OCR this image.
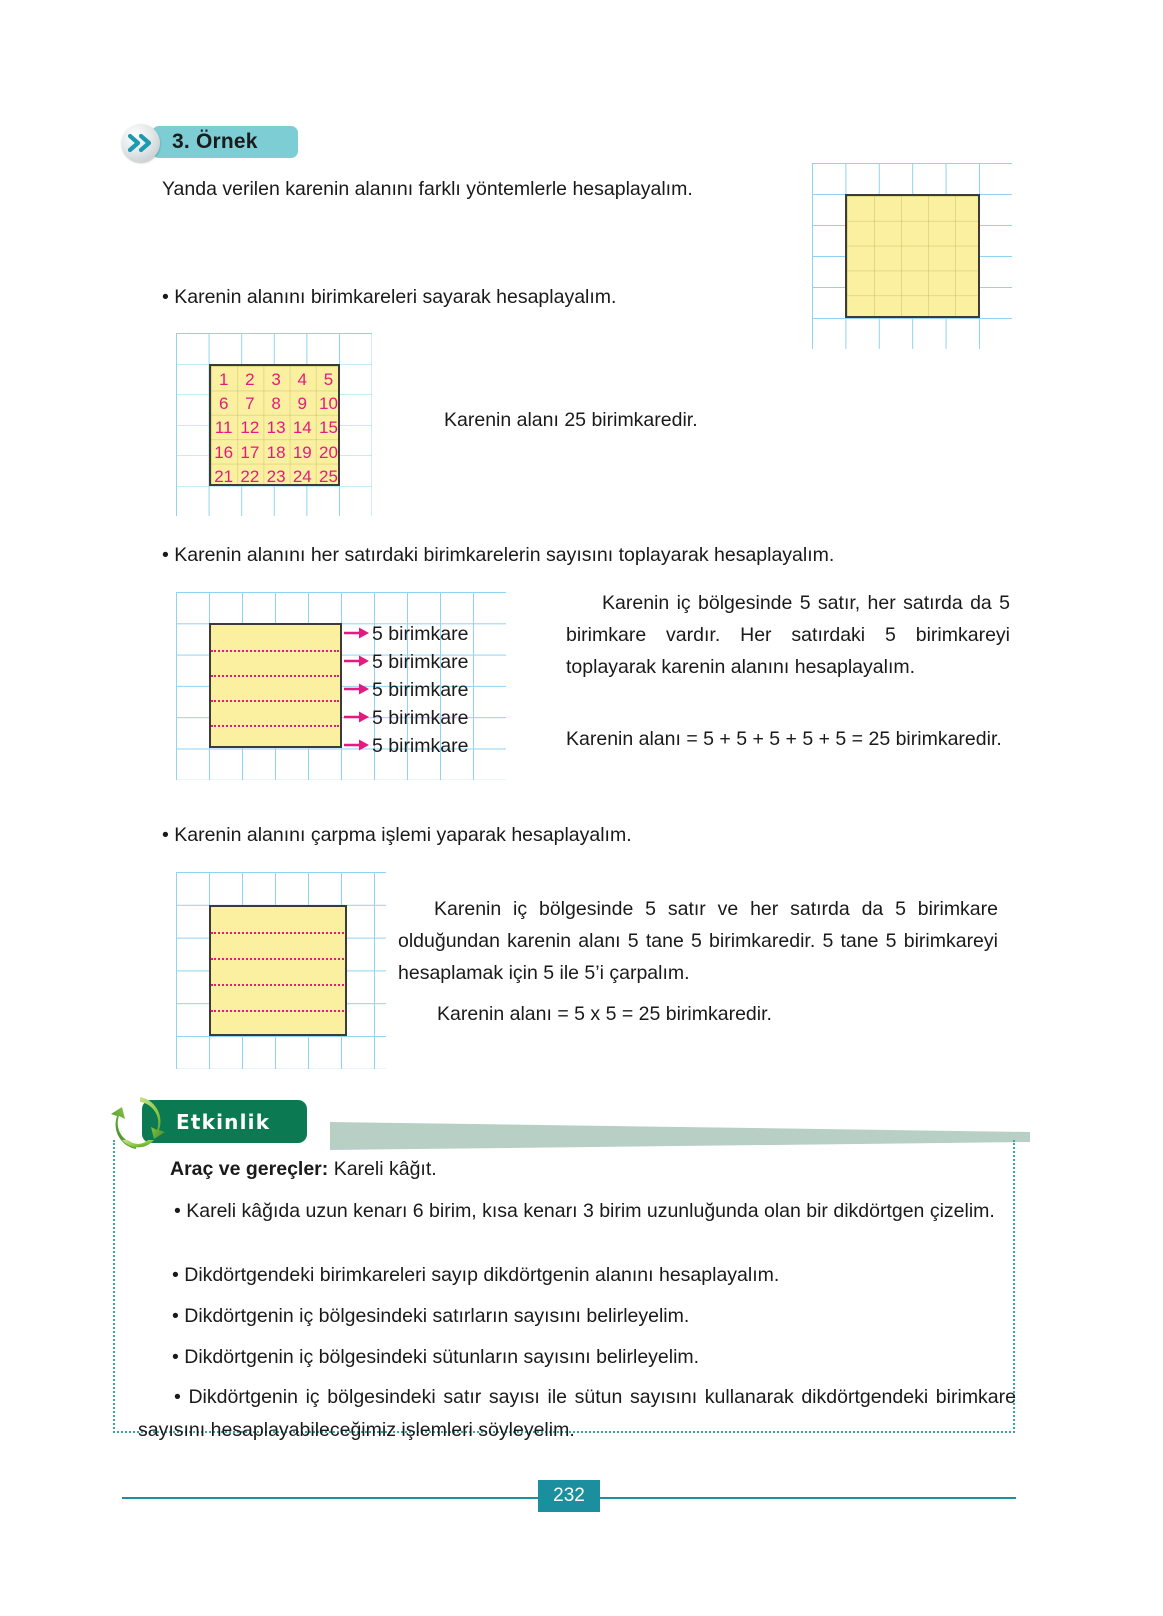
3. Örnek
Yanda verilen karenin alanını farklı yöntemlerle hesaplayalım.
• Karenin alanını birimkareleri sayarak hesaplayalım.
1 2 3 4 5
6 7 8 9 10
11 12 13 14 15
16 17 18 19 20
21 22 23 24 25
Karenin alanı 25 birimkaredir.
• Karenin alanını her satırdaki birimkarelerin sayısını toplayarak hesaplayalım.
5 birimkare
5 birimkare
5 birimkare
5 birimkare
5 birimkare

Karenin iç bölgesinde 5 satır, her satırda da 5 birimkare vardır. Her satırdaki 5 birimkareyi toplayarak karenin alanını hesaplayalım.

Karenin alanı = 5 + 5 + 5 + 5 + 5 = 25 birimkaredir.

• Karenin alanını çarpma işlemi yaparak hesaplayalım.

Karenin iç bölgesinde 5 satır ve her satırda da 5 birimkare olduğundan karenin alanı 5 tane 5 birimkaredir. 5 tane 5 birimkareyi hesaplamak için 5 ile 5’i çarpalım.

Karenin alanı = 5 x 5 = 25 birimkaredir.
Etkinlik
Araç ve gereçler: Kareli kâğıt.

• Kareli kâğıda uzun kenarı 6 birim, kısa kenarı 3 birim uzunluğunda olan bir dikdörtgen çizelim.

• Dikdörtgendeki birimkareleri sayıp dikdörtgenin alanını hesaplayalım.
• Dikdörtgenin iç bölgesindeki satırların sayısını belirleyelim.
• Dikdörtgenin iç bölgesindeki sütunların sayısını belirleyelim.

• Dikdörtgenin iç bölgesindeki satır sayısı ile sütun sayısını kullanarak dikdörtgendeki birimkare sayısını hesaplayabileceğimiz işlemleri söyleyelim.

232
